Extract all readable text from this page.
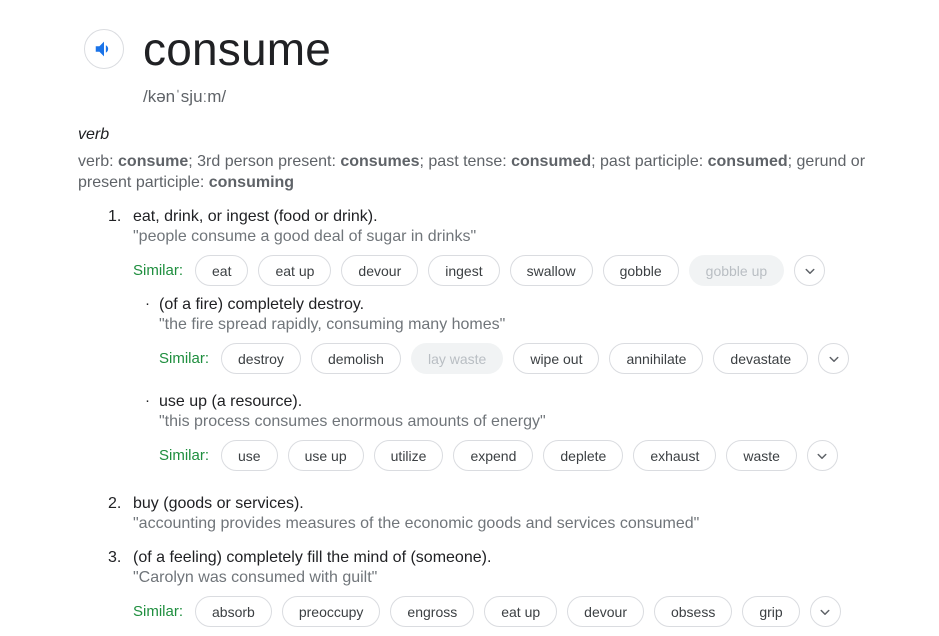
consume
/kənˈsjuːm/
verb
verb: consume; 3rd person present: consumes; past tense: consumed; past participle: consumed; gerund or present participle: consuming
1. eat, drink, or ingest (food or drink).
"people consume a good deal of sugar in drinks"
Similar:	eat	eat up	devour	ingest	swallow	gobble	gobble up
· (of a fire) completely destroy.
"the fire spread rapidly, consuming many homes"
Similar:	destroy	demolish	lay waste	wipe out	annihilate	devastate
· use up (a resource).
"this process consumes enormous amounts of energy"
Similar:	use	use up	utilize	expend	deplete	exhaust	waste
2. buy (goods or services).
"accounting provides measures of the economic goods and services consumed"
3. (of a feeling) completely fill the mind of (someone).
"Carolyn was consumed with guilt"
Similar:	absorb	preoccupy	engross	eat up	devour	obsess	grip
